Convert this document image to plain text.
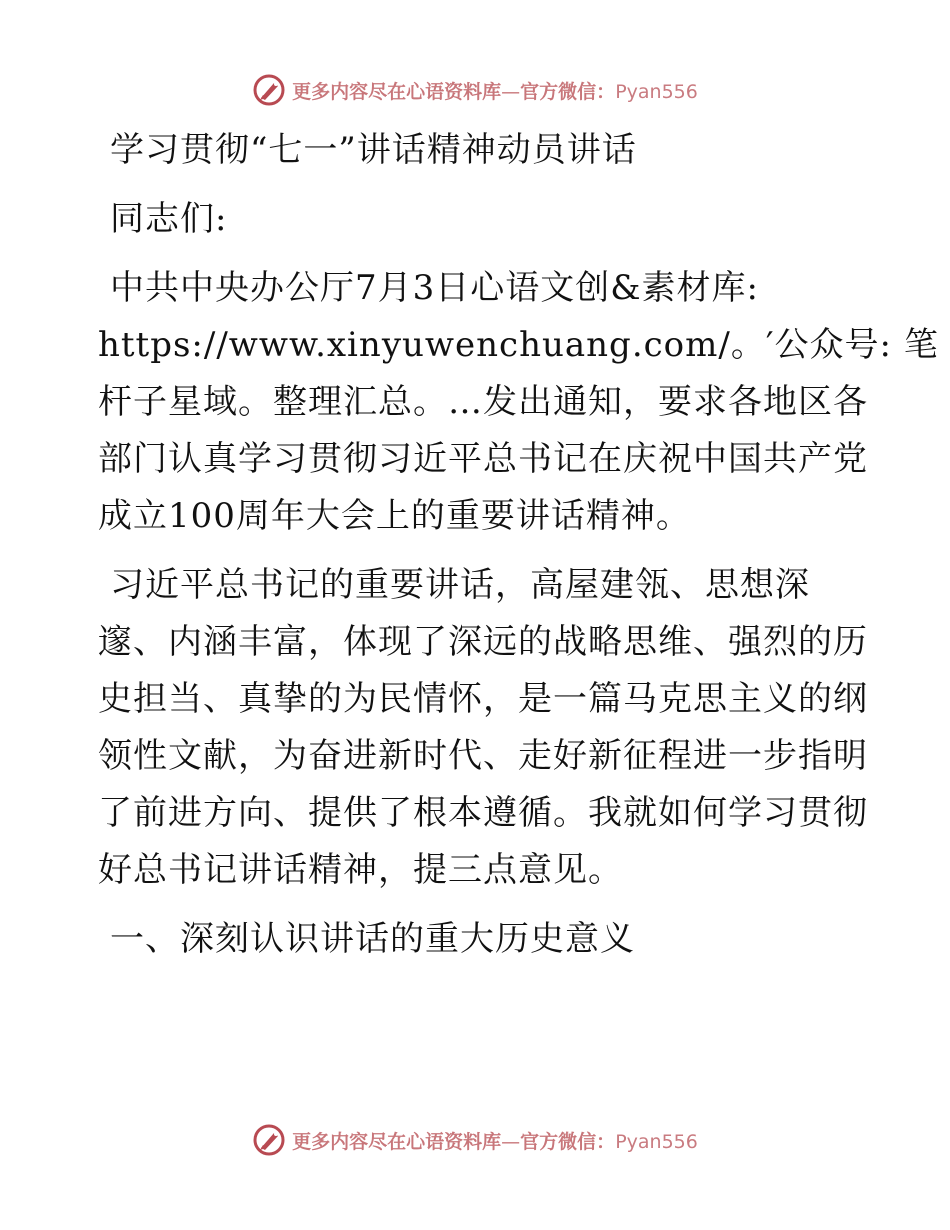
更多内容尽在心语资料库—官方微信：Pyan556

学习贯彻“七一”讲话精神动员讲话

同志们:

中共中央办公厅7月3日心语文创&素材库:
https://www.xinyuwenchuang.com/。′公众号: 笔
杆子星域。整理汇总。…发出通知，要求各地区各
部门认真学习贯彻习近平总书记在庆祝中国共产党
成立100周年大会上的重要讲话精神。
习近平总书记的重要讲话，高屋建瓴、思想深
邃、内涵丰富，体现了深远的战略思维、强烈的历
史担当、真挚的为民情怀，是一篇马克思主义的纲
领性文献，为奋进新时代、走好新征程进一步指明
了前进方向、提供了根本遵循。我就如何学习贯彻
好总书记讲话精神，提三点意见。

一、深刻认识讲话的重大历史意义

更多内容尽在心语资料库—官方微信：Pyan556
